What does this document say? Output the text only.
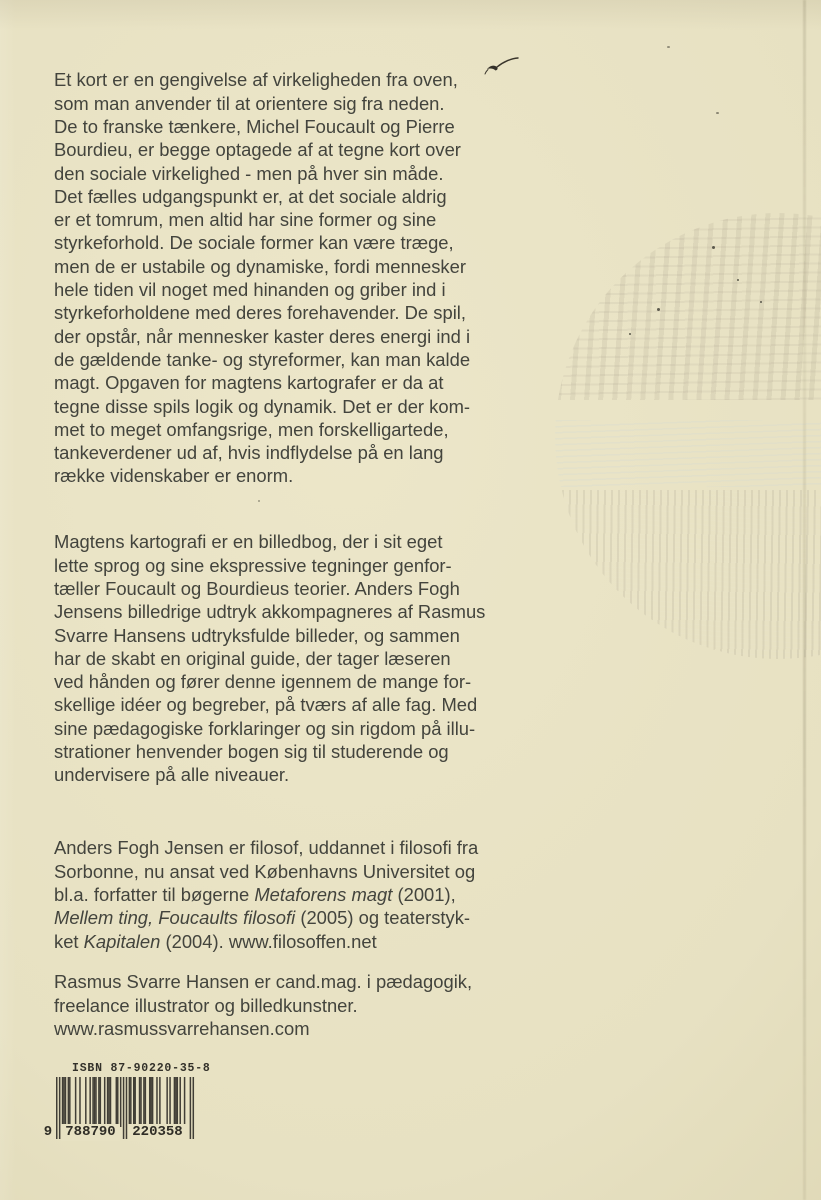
Et kort er en gengivelse af virkeligheden fra oven,
som man anvender til at orientere sig fra neden.
De to franske tænkere, Michel Foucault og Pierre
Bourdieu, er begge optagede af at tegne kort over
den sociale virkelighed - men på hver sin måde.
Det fælles udgangspunkt er, at det sociale aldrig
er et tomrum, men altid har sine former og sine
styrkeforhold. De sociale former kan være træge,
men de er ustabile og dynamiske, fordi mennesker
hele tiden vil noget med hinanden og griber ind i
styrkeforholdene med deres forehavender. De spil,
der opstår, når mennesker kaster deres energi ind i
de gældende tanke- og styreformer, kan man kalde
magt. Opgaven for magtens kartografer er da at
tegne disse spils logik og dynamik. Det er der kom-
met to meget omfangsrige, men forskelligartede,
tankeverdener ud af, hvis indflydelse på en lang
række videnskaber er enorm.

Magtens kartografi er en billedbog, der i sit eget
lette sprog og sine ekspressive tegninger genfor-
tæller Foucault og Bourdieus teorier. Anders Fogh
Jensens billedrige udtryk akkompagneres af Rasmus
Svarre Hansens udtryksfulde billeder, og sammen
har de skabt en original guide, der tager læseren
ved hånden og fører denne igennem de mange for-
skellige idéer og begreber, på tværs af alle fag. Med
sine pædagogiske forklaringer og sin rigdom på illu-
strationer henvender bogen sig til studerende og
undervisere på alle niveauer.

Anders Fogh Jensen er filosof, uddannet i filosofi fra
Sorbonne, nu ansat ved Københavns Universitet og
bl.a. forfatter til bøgerne Metaforens magt (2001),
Mellem ting, Foucaults filosofi (2005) og teaterstyk-
ket Kapitalen (2004). www.filosoffen.net

Rasmus Svarre Hansen er cand.mag. i pædagogik,
freelance illustrator og billedkunstner.
www.rasmussvarrehansen.com

ISBN 87-90220-35-8
9 788790	220358
